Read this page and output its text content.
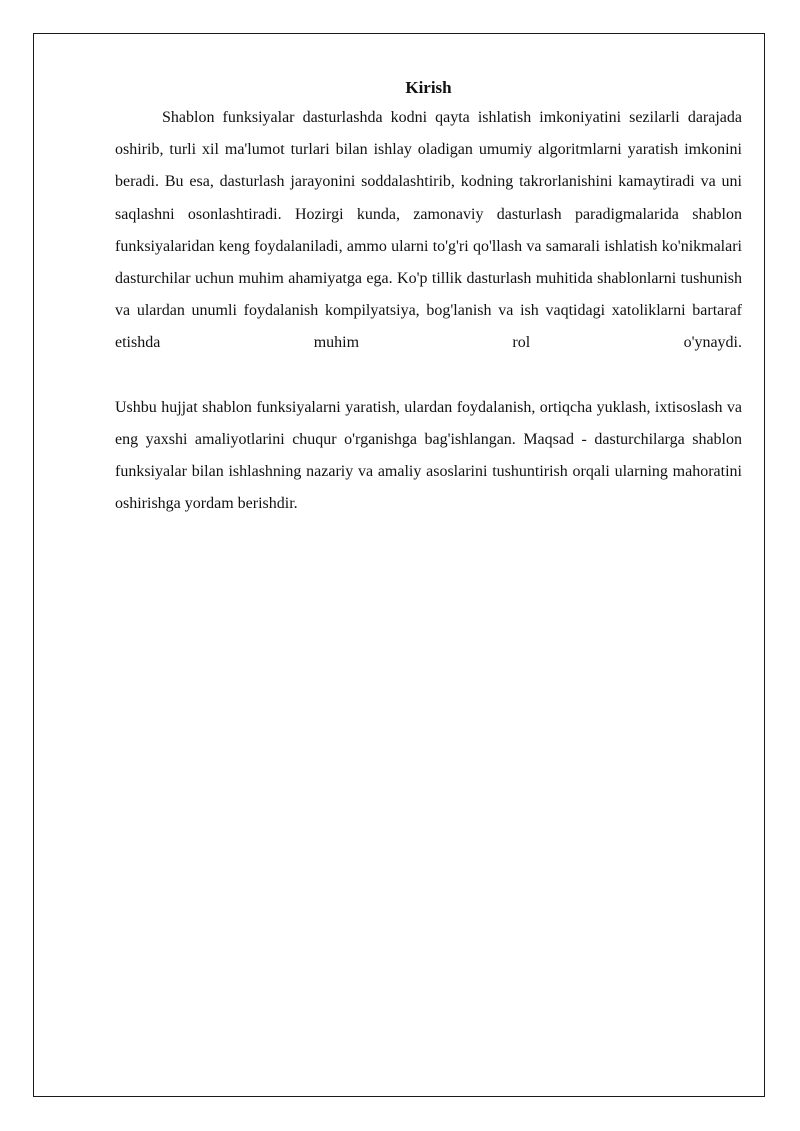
Kirish

Shablon funksiyalar dasturlashda kodni qayta ishlatish imkoniyatini sezilarli darajada oshirib, turli xil ma'lumot turlari bilan ishlay oladigan umumiy algoritmlarni yaratish imkonini beradi. Bu esa, dasturlash jarayonini soddalashtirib, kodning takrorlanishini kamaytiradi va uni saqlashni osonlashtiradi. Hozirgi kunda, zamonaviy dasturlash paradigmalarida shablon funksiyalaridan keng foydalaniladi, ammo ularni to'g'ri qo'llash va samarali ishlatish ko'nikmalari dasturchilar uchun muhim ahamiyatga ega. Ko'p tillik dasturlash muhitida shablonlarni tushunish va ulardan unumli foydalanish kompilyatsiya, bog'lanish va ish vaqtidagi xatoliklarni bartaraf etishda muhim rol o'ynaydi.

Ushbu hujjat shablon funksiyalarni yaratish, ulardan foydalanish, ortiqcha yuklash, ixtisoslash va eng yaxshi amaliyotlarini chuqur o'rganishga bag'ishlangan. Maqsad - dasturchilarga shablon funksiyalar bilan ishlashning nazariy va amaliy asoslarini tushuntirish orqali ularning mahoratini oshirishga yordam berishdir.
